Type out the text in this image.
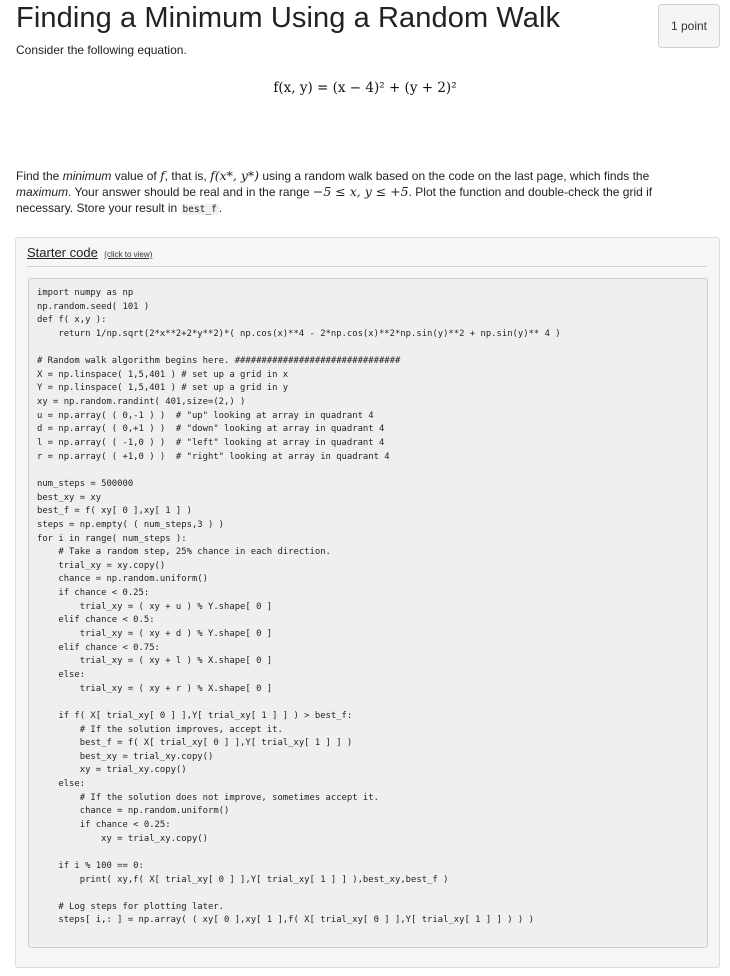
Finding a Minimum Using a Random Walk	1 point
Consider the following equation.
f(x, y) = (x − 4)² + (y + 2)²
Find the minimum value of f, that is, f(x*, y*) using a random walk based on the code on the last page, which finds the maximum. Your answer should be real and in the range −5 ≤ x, y ≤ +5. Plot the function and double-check the grid if necessary. Store your result in best_f .
Starter code (click to view)
import numpy as np
np.random.seed( 101 )
def f( x,y ):
return 1/np.sqrt(2*x**2+2*y**2)*( np.cos(x)**4 - 2*np.cos(x)**2*np.sin(y)**2 + np.sin(y)** 4 )
# Random walk algorithm begins here. ###############################
X = np.linspace( 1,5,401 ) # set up a grid in x
Y = np.linspace( 1,5,401 ) # set up a grid in y
xy = np.random.randint( 401,size=(2,) )
u = np.array( ( 0,-1 ) )  # "up" looking at array in quadrant 4
d = np.array( ( 0,+1 ) )  # "down" looking at array in quadrant 4
l = np.array( ( -1,0 ) )  # "left" looking at array in quadrant 4
r = np.array( ( +1,0 ) )  # "right" looking at array in quadrant 4
num_steps = 500000
best_xy = xy
best_f = f( xy[ 0 ],xy[ 1 ] )
steps = np.empty( ( num_steps,3 ) )
for i in range( num_steps ):
# Take a random step, 25% chance in each direction.
trial_xy = xy.copy()
chance = np.random.uniform()
if chance < 0.25:
trial_xy = ( xy + u ) % Y.shape[ 0 ]
elif chance < 0.5:
trial_xy = ( xy + d ) % Y.shape[ 0 ]
elif chance < 0.75:
trial_xy = ( xy + l ) % X.shape[ 0 ]
else:
trial_xy = ( xy + r ) % X.shape[ 0 ]
if f( X[ trial_xy[ 0 ] ],Y[ trial_xy[ 1 ] ] ) > best_f:
# If the solution improves, accept it.
best_f = f( X[ trial_xy[ 0 ] ],Y[ trial_xy[ 1 ] ] )
best_xy = trial_xy.copy()
xy = trial_xy.copy()
else:
# If the solution does not improve, sometimes accept it.
chance = np.random.uniform()
if chance < 0.25:
xy = trial_xy.copy()
if i % 100 == 0:
print( xy,f( X[ trial_xy[ 0 ] ],Y[ trial_xy[ 1 ] ] ),best_xy,best_f )
# Log steps for plotting later.
steps[ i,: ] = np.array( ( xy[ 0 ],xy[ 1 ],f( X[ trial_xy[ 0 ] ],Y[ trial_xy[ 1 ] ] ) ) )
